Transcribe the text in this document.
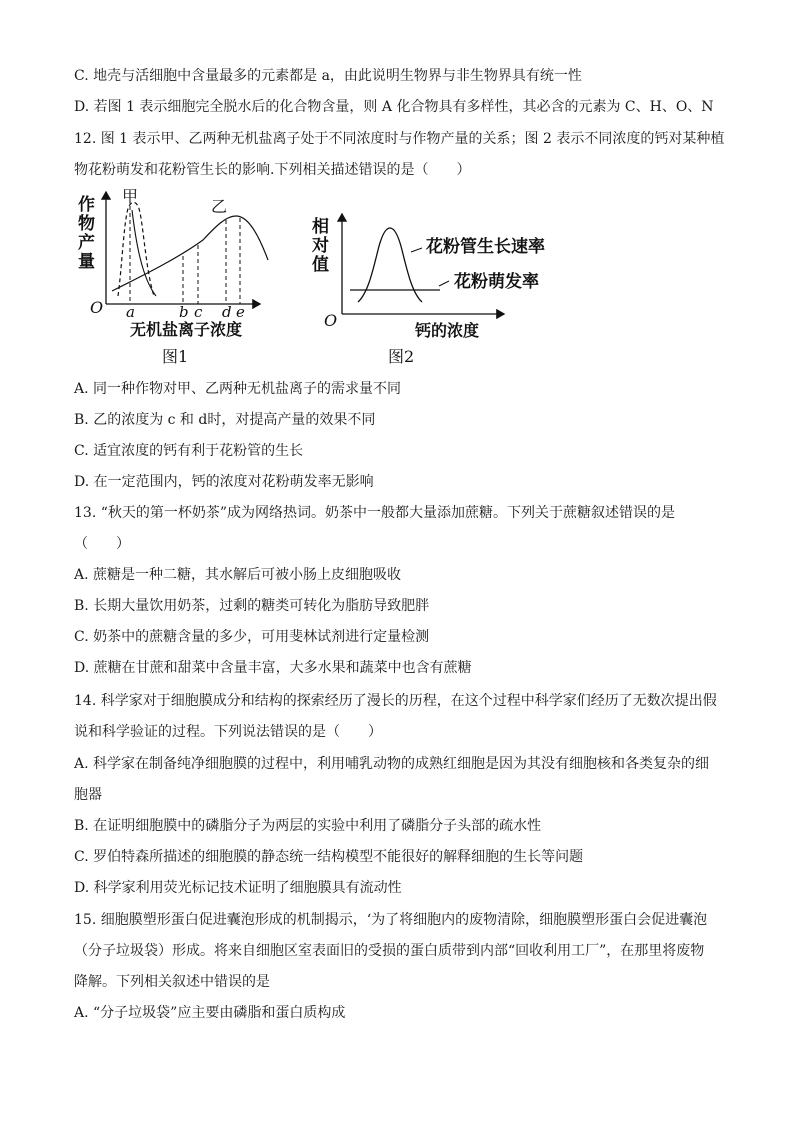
C. 地壳与活细胞中含量最多的元素都是 a，由此说明生物界与非生物界具有统一性
D. 若图 1 表示细胞完全脱水后的化合物含量，则 A 化合物具有多样性，其必含的元素为 C、H、O、N
12. 图 1 表示甲、乙两种无机盐离子处于不同浓度时与作物产量的关系；图 2 表示不同浓度的钙对某种植
物花粉萌发和花粉管生长的影响.下列相关描述错误的是（　　）
作
物
产
量
O
甲
乙
a	b c d e
无机盐离子浓度
图1
相
对
值
O
花粉管生长速率
花粉萌发率
钙的浓度
图2
A. 同一种作物对甲、乙两种无机盐离子的需求量不同
B. 乙的浓度为 c 和 d时，对提高产量的效果不同
C. 适宜浓度的钙有利于花粉管的生长
D. 在一定范围内，钙的浓度对花粉萌发率无影响
13. “秋天的第一杯奶茶”成为网络热词。奶茶中一般都大量添加蔗糖。下列关于蔗糖叙述错误的是
（　　）
A. 蔗糖是一种二糖，其水解后可被小肠上皮细胞吸收
B. 长期大量饮用奶茶，过剩的糖类可转化为脂肪导致肥胖
C. 奶茶中的蔗糖含量的多少，可用斐林试剂进行定量检测
D. 蔗糖在甘蔗和甜菜中含量丰富，大多水果和蔬菜中也含有蔗糖
14. 科学家对于细胞膜成分和结构的探索经历了漫长的历程，在这个过程中科学家们经历了无数次提出假
说和科学验证的过程。下列说法错误的是（　　）
A. 科学家在制备纯净细胞膜的过程中，利用哺乳动物的成熟红细胞是因为其没有细胞核和各类复杂的细
胞器
B. 在证明细胞膜中的磷脂分子为两层的实验中利用了磷脂分子头部的疏水性
C. 罗伯特森所描述的细胞膜的静态统一结构模型不能很好的解释细胞的生长等问题
D. 科学家利用荧光标记技术证明了细胞膜具有流动性
15. 细胞膜塑形蛋白促进囊泡形成的机制揭示，‘为了将细胞内的废物清除，细胞膜塑形蛋白会促进囊泡
（分子垃圾袋）形成。将来自细胞区室表面旧的受损的蛋白质带到内部“回收利用工厂”，在那里将废物
降解。下列相关叙述中错误的是
A. “分子垃圾袋”应主要由磷脂和蛋白质构成
